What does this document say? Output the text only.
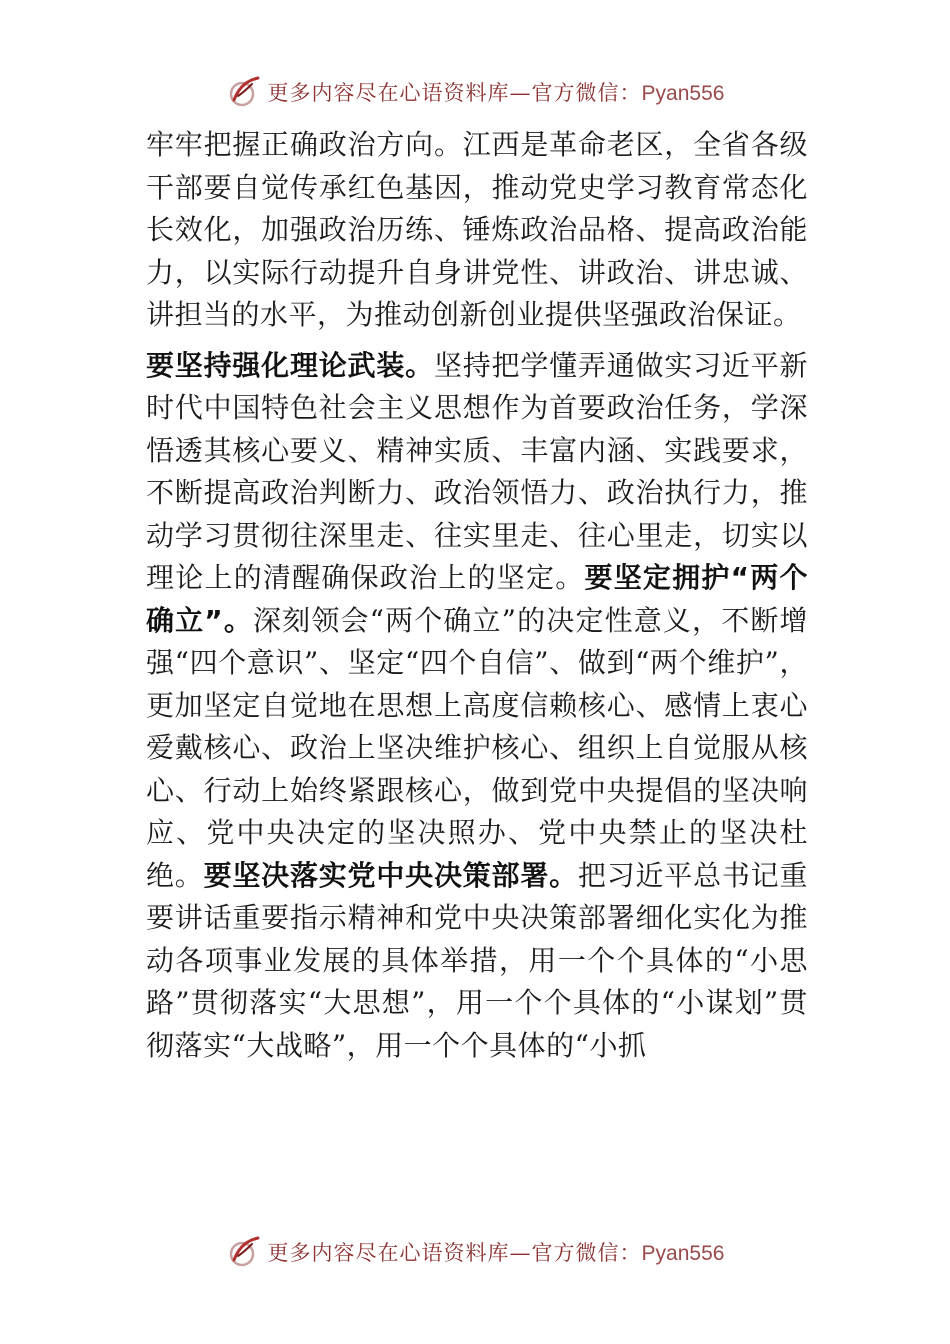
更多内容尽在心语资料库—官方微信：Pyan556

牢牢把握正确政治方向。江西是革命老区，全省各级干部要自觉传承红色基因，推动党史学习教育常态化长效化，加强政治历练、锤炼政治品格、提高政治能力，以实际行动提升自身讲党性、讲政治、讲忠诚、讲担当的水平，为推动创新创业提供坚强政治保证。

要坚持强化理论武装。坚持把学懂弄通做实习近平新时代中国特色社会主义思想作为首要政治任务，学深悟透其核心要义、精神实质、丰富内涵、实践要求，不断提高政治判断力、政治领悟力、政治执行力，推动学习贯彻往深里走、往实里走、往心里走，切实以理论上的清醒确保政治上的坚定。要坚定拥护“两个确立”。深刻领会“两个确立”的决定性意义，不断增强“四个意识”、坚定“四个自信”、做到“两个维护”，更加坚定自觉地在思想上高度信赖核心、感情上衷心爱戴核心、政治上坚决维护核心、组织上自觉服从核心、行动上始终紧跟核心，做到党中央提倡的坚决响应、党中央决定的坚决照办、党中央禁止的坚决杜绝。要坚决落实党中央决策部署。把习近平总书记重要讲话重要指示精神和党中央决策部署细化实化为推动各项事业发展的具体举措，用一个个具体的“小思路”贯彻落实“大思想”，用一个个具体的“小谋划”贯彻落实“大战略”，用一个个具体的“小抓

更多内容尽在心语资料库—官方微信：Pyan556
